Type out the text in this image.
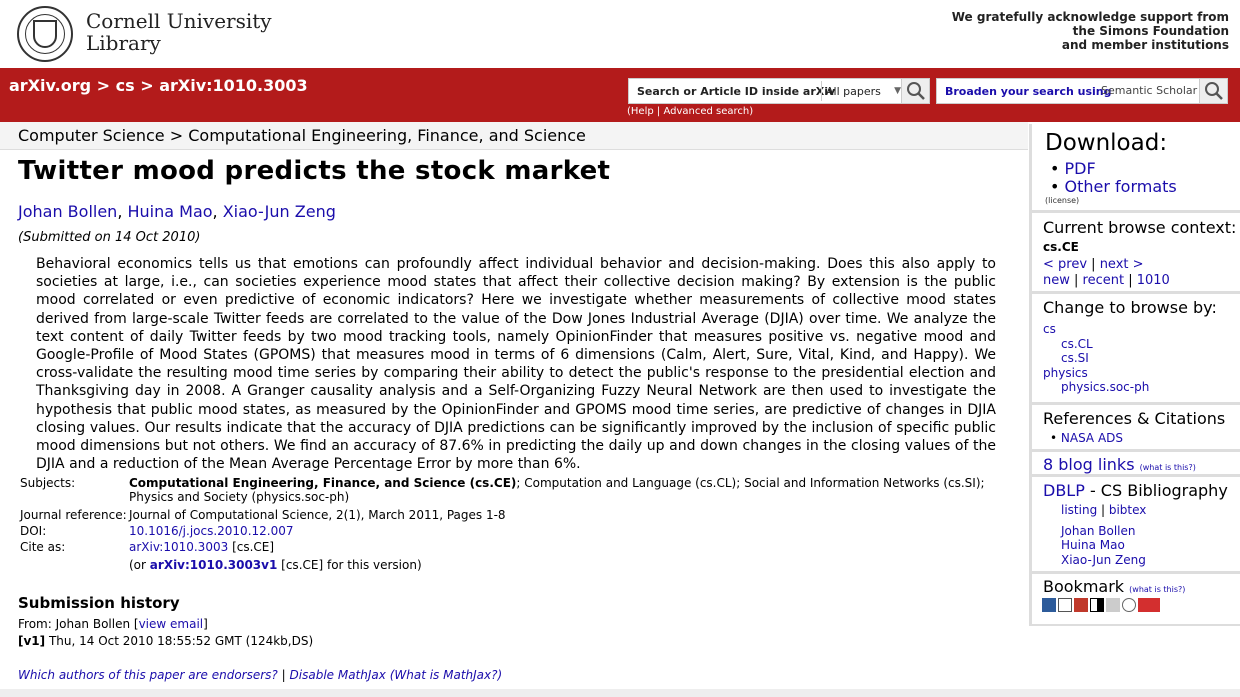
Cornell University
Library
We gratefully acknowledge support from
the Simons Foundation
and member institutions
arXiv.org > cs > arXiv:1010.3003	Search or Article ID inside arXiv
All papers ▼
(Help | Advanced search)
Broaden your search using
Semantic Scholar
Computer Science > Computational Engineering, Finance, and Science
Twitter mood predicts the stock market
Johan Bollen, Huina Mao, Xiao-Jun Zeng
(Submitted on 14 Oct 2010)
Behavioral economics tells us that emotions can profoundly affect individual behavior and decision-making. Does this also apply to societies at large, i.e., can societies experience mood states that affect their collective decision making? By extension is the public mood correlated or even predictive of economic indicators? Here we investigate whether measurements of collective mood states derived from large-scale Twitter feeds are correlated to the value of the Dow Jones Industrial Average (DJIA) over time. We analyze the text content of daily Twitter feeds by two mood tracking tools, namely OpinionFinder that measures positive vs. negative mood and Google-Profile of Mood States (GPOMS) that measures mood in terms of 6 dimensions (Calm, Alert, Sure, Vital, Kind, and Happy). We cross-validate the resulting mood time series by comparing their ability to detect the public's response to the presidential election and Thanksgiving day in 2008. A Granger causality analysis and a Self-Organizing Fuzzy Neural Network are then used to investigate the hypothesis that public mood states, as measured by the OpinionFinder and GPOMS mood time series, are predictive of changes in DJIA closing values. Our results indicate that the accuracy of DJIA predictions can be significantly improved by the inclusion of specific public mood dimensions but not others. We find an accuracy of 87.6% in predicting the daily up and down changes in the closing values of the DJIA and a reduction of the Mean Average Percentage Error by more than 6%.
Subjects:	Computational Engineering, Finance, and Science (cs.CE); Computation and Language (cs.CL); Social and Information Networks (cs.SI); Physics and Society (physics.soc-ph)
Journal reference: Journal of Computational Science, 2(1), March 2011, Pages 1-8
DOI:	10.1016/j.jocs.2010.12.007
Cite as:	arXiv:1010.3003 [cs.CE]
(or arXiv:1010.3003v1 [cs.CE] for this version)
Submission history
From: Johan Bollen [view email]
[v1] Thu, 14 Oct 2010 18:55:52 GMT (124kb,DS)
Which authors of this paper are endorsers? | Disable MathJax (What is MathJax?)
Download:
• PDF
• Other formats
(license)
Current browse context:
cs.CE
< prev | next >
new | recent | 1010
Change to browse by:
cs
cs.CL
cs.SI
physics
physics.soc-ph
References & Citations
• NASA ADS
8 blog links (what is this?)
DBLP - CS Bibliography
listing | bibtex
Johan Bollen
Huina Mao
Xiao-Jun Zeng
Bookmark (what is this?)
